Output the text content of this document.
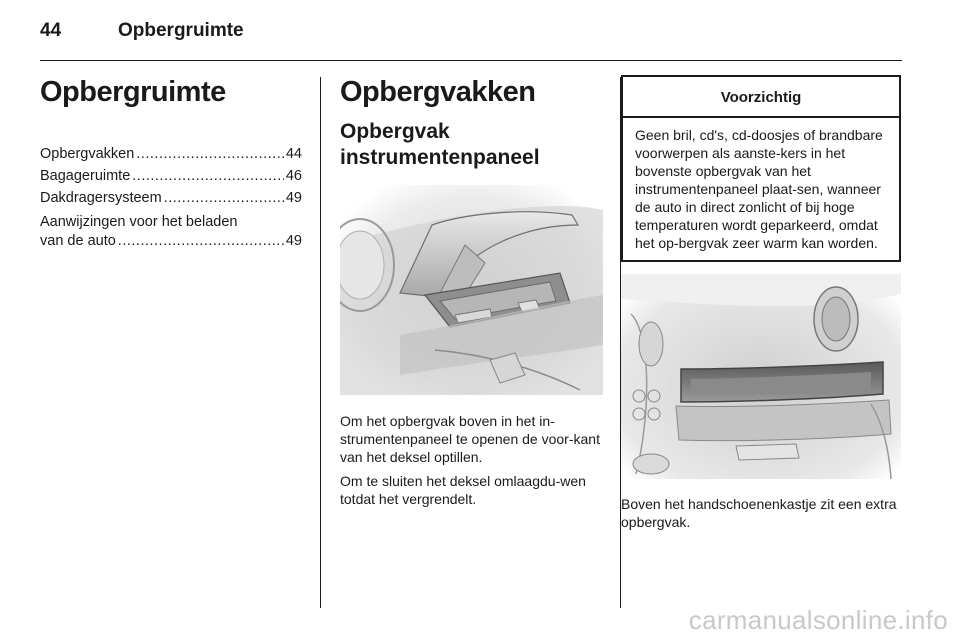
44	Opbergruimte
Opbergruimte
Opbergvakken .....	44
Bagageruimte .....	46
Dakdragersysteem .....	49
Aanwijzingen voor het beladen
van de auto .....	49
Opbergvakken
Opbergvak instrumentenpaneel

Om het opbergvak boven in het in-strumentenpaneel te openen de voor-kant van het deksel optillen.

Om te sluiten het deksel omlaagdu-wen totdat het vergrendelt.

Voorzichtig
Geen bril, cd's, cd-doosjes of brandbare voorwerpen als aanste-kers in het bovenste opbergvak van het instrumentenpaneel plaat-sen, wanneer de auto in direct zonlicht of bij hoge temperaturen wordt geparkeerd, omdat het op-bergvak zeer warm kan worden.

Boven het handschoenenkastje zit een extra opbergvak.

carmanualsonline.info
